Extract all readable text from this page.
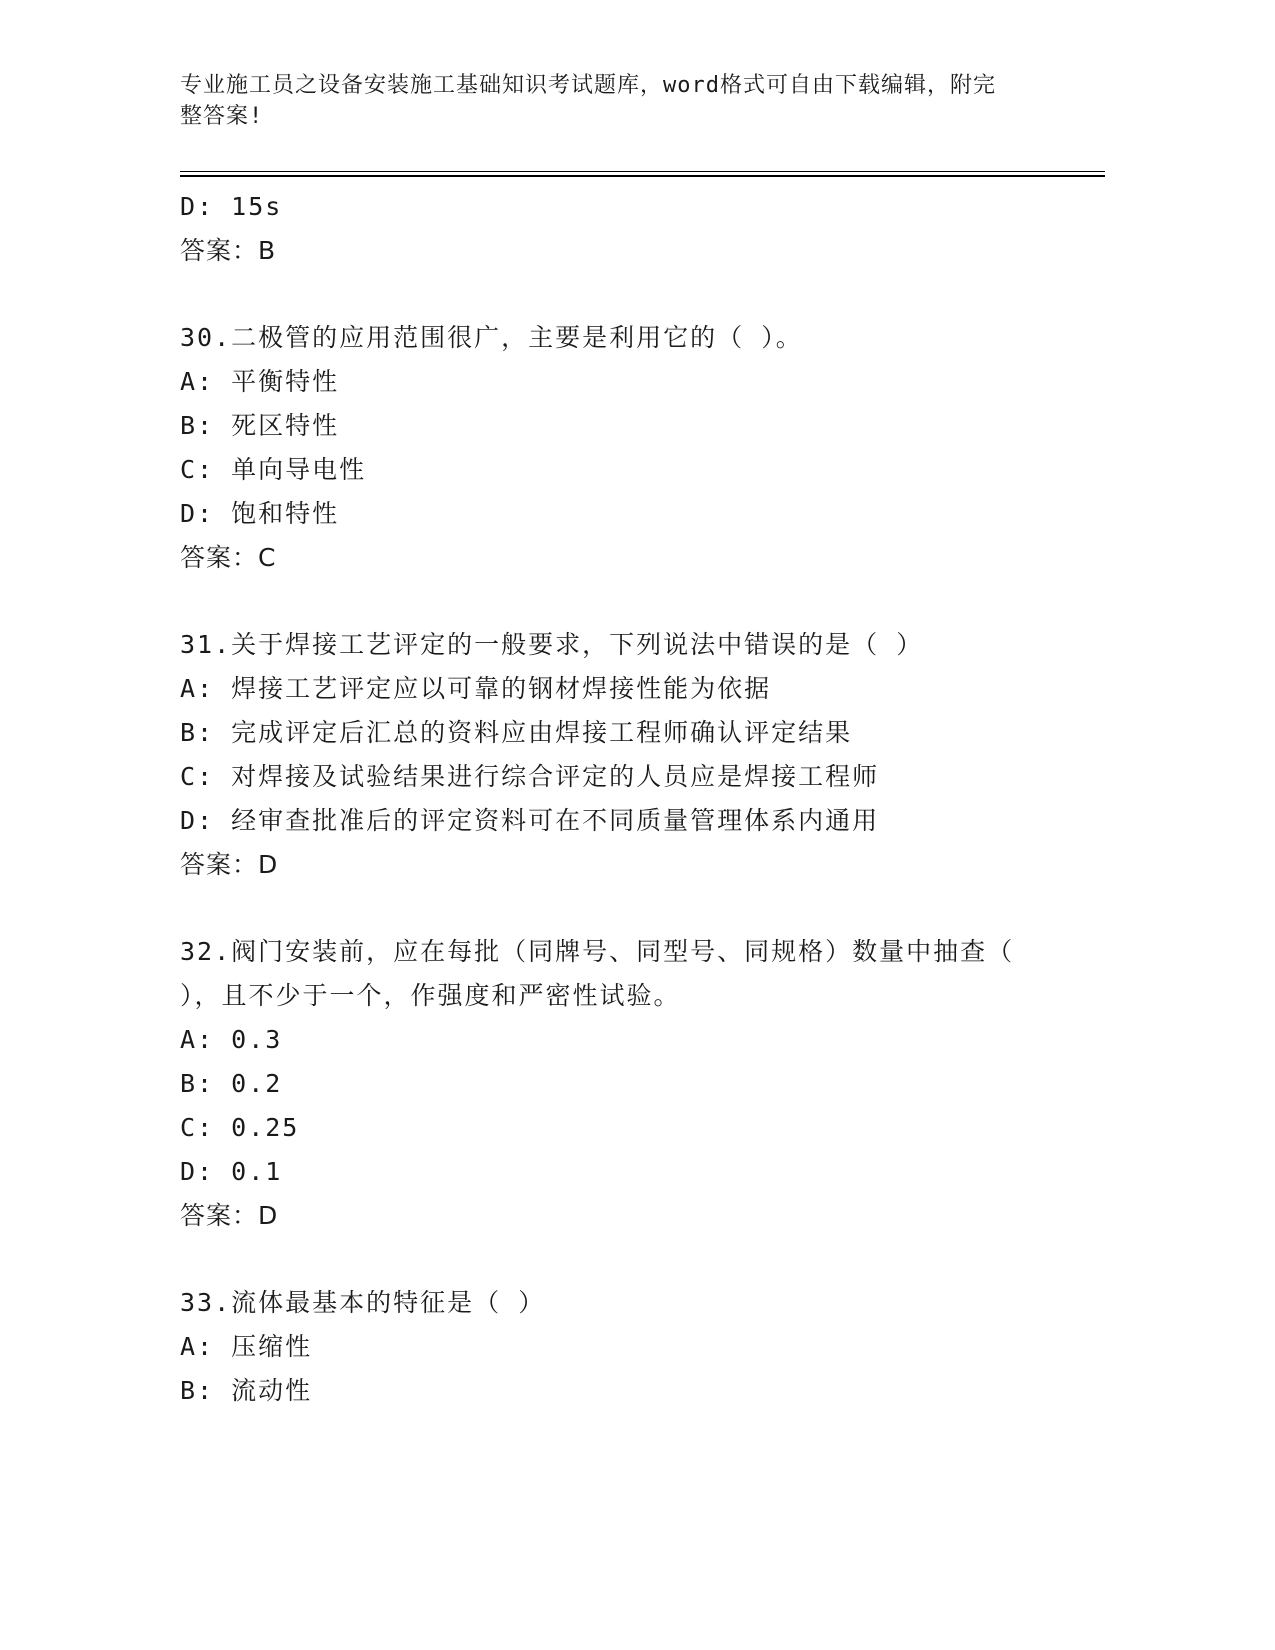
专业施工员之设备安装施工基础知识考试题库，word格式可自由下载编辑，附完
整答案!
D: 15s
答案：B
30.二极管的应用范围很广，主要是利用它的（ ）。
A: 平衡特性
B: 死区特性
C: 单向导电性
D: 饱和特性
答案：C
31.关于焊接工艺评定的一般要求，下列说法中错误的是（ ）
A: 焊接工艺评定应以可靠的钢材焊接性能为依据
B: 完成评定后汇总的资料应由焊接工程师确认评定结果
C: 对焊接及试验结果进行综合评定的人员应是焊接工程师
D: 经审查批准后的评定资料可在不同质量管理体系内通用
答案：D
32.阀门安装前，应在每批（同牌号、同型号、同规格）数量中抽查（
），且不少于一个，作强度和严密性试验。
A: 0.3
B: 0.2
C: 0.25
D: 0.1
答案：D
33.流体最基本的特征是（ ）
A: 压缩性
B: 流动性
